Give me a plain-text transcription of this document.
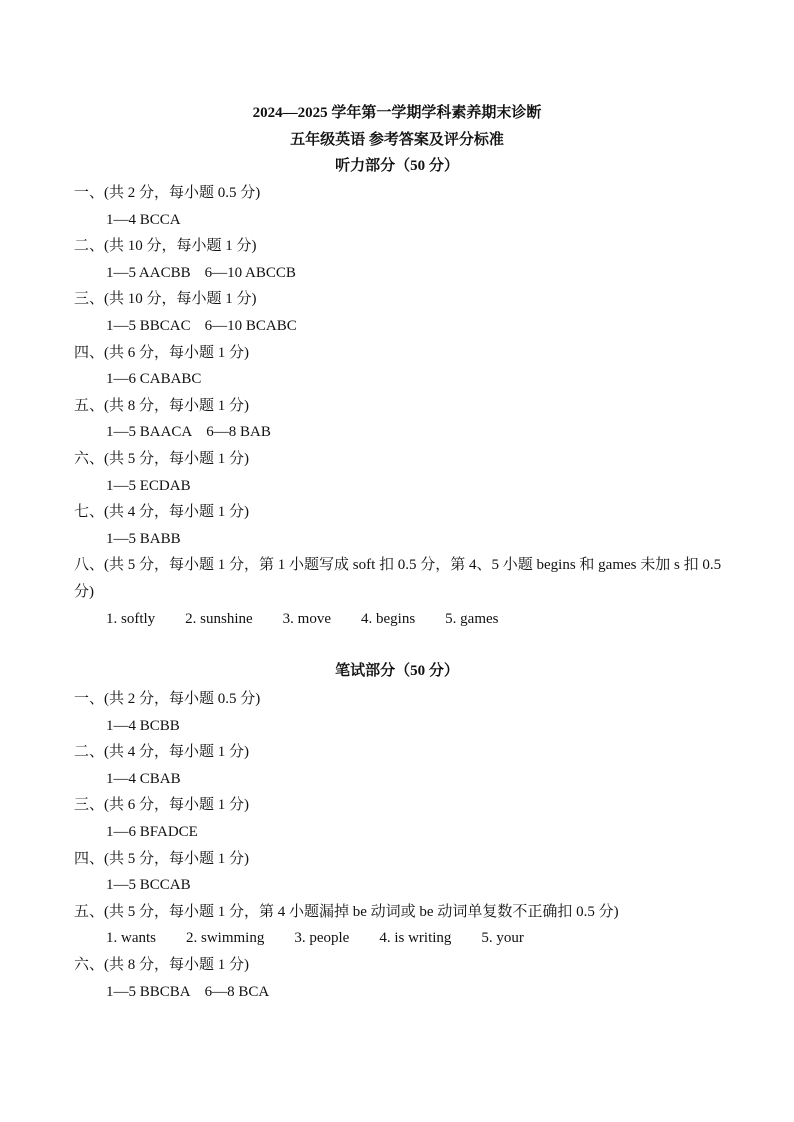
2024—2025 学年第一学期学科素养期末诊断
五年级英语 参考答案及评分标准
听力部分（50 分）
一、(共 2 分，每小题 0.5 分)
1—4 BCCA
二、(共 10 分，每小题 1 分)
1—5 AACBB 6—10 ABCCB
三、(共 10 分，每小题 1 分)
1—5 BBCAC 6—10 BCABC
四、(共 6 分，每小题 1 分)
1—6 CABABC
五、(共 8 分，每小题 1 分)
1—5 BAACA 6—8 BAB
六、(共 5 分，每小题 1 分)
1—5 ECDAB
七、(共 4 分，每小题 1 分)
1—5 BABB
八、(共 5 分，每小题 1 分，第 1 小题写成 soft 扣 0.5 分，第 4、5 小题 begins 和 games 未加 s 扣 0.5 分)
1. softly 2. sunshine 3. move 4. begins 5. games
笔试部分（50 分）
一、(共 2 分，每小题 0.5 分)
1—4 BCBB
二、(共 4 分，每小题 1 分)
1—4 CBAB
三、(共 6 分，每小题 1 分)
1—6 BFADCE
四、(共 5 分，每小题 1 分)
1—5 BCCAB
五、(共 5 分，每小题 1 分，第 4 小题漏掉 be 动词或 be 动词单复数不正确扣 0.5 分)
1. wants 2. swimming 3. people 4. is writing 5. your
六、(共 8 分，每小题 1 分)
1—5 BBCBA 6—8 BCA
